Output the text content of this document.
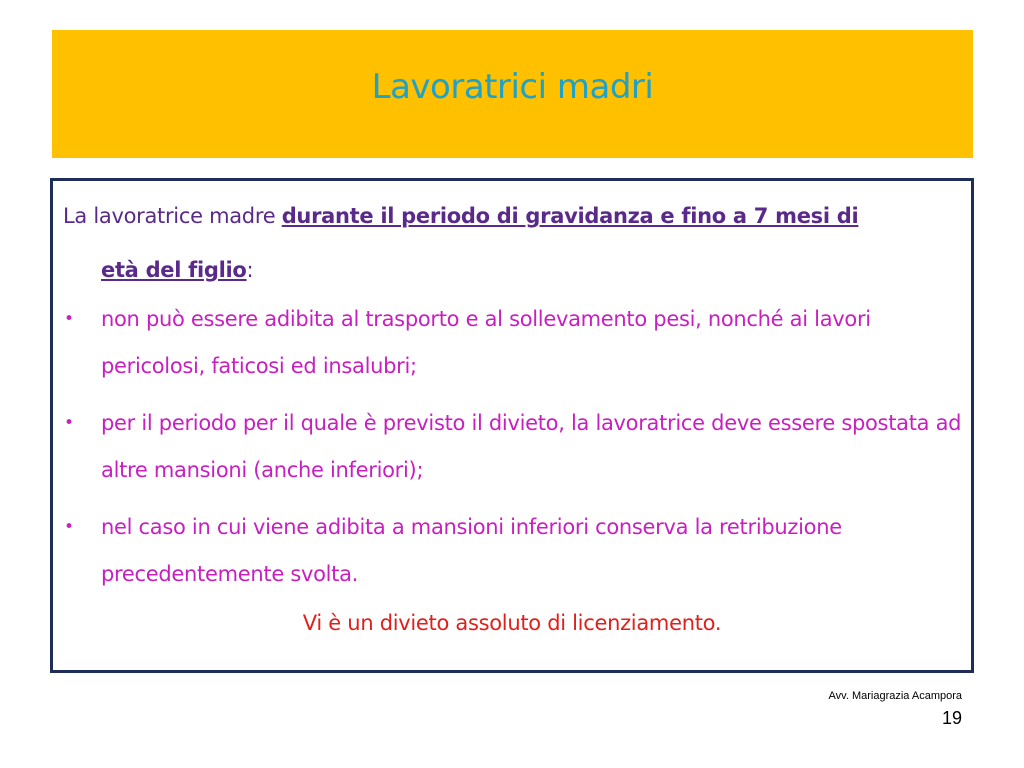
Lavoratrici madri
La lavoratrice madre durante il periodo di gravidanza e fino a 7 mesi di
età del figlio:
• non può essere adibita al trasporto e al sollevamento pesi, nonché ai lavori pericolosi, faticosi ed insalubri;
• per il periodo per il quale è previsto il divieto, la lavoratrice deve essere spostata ad altre mansioni (anche inferiori);
• nel caso in cui viene adibita a mansioni inferiori conserva la retribuzione precedentemente svolta.
Vi è un divieto assoluto di licenziamento.
Avv. Mariagrazia Acampora
19
